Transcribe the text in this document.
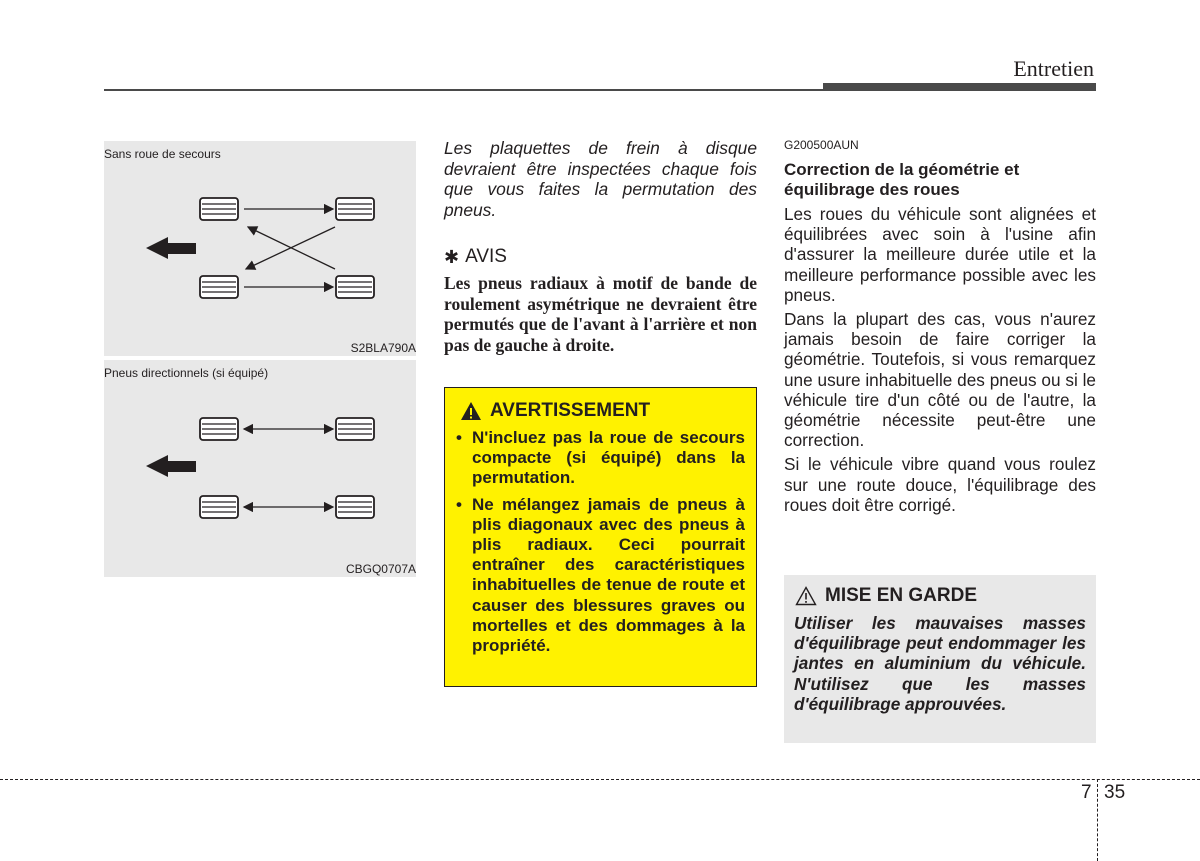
Entretien
Sans roue de secours
S2BLA790A
Pneus directionnels (si équipé)
CBGQ0707A

Les plaquettes de frein à disque devraient être inspectées chaque fois que vous faites la permutation des pneus.

✱ AVIS

Les pneus radiaux à motif de bande de roulement asymétrique ne devraient être permutés que de l'avant à l'arrière et non pas de gauche à droite.

AVERTISSEMENT
• N'incluez pas la roue de secours compacte (si équipé) dans la permutation.
• Ne mélangez jamais de pneus à plis diagonaux avec des pneus à plis radiaux. Ceci pourrait entraîner des caractéristiques inhabituelles de tenue de route et causer des blessures graves ou mortelles et des dommages à la propriété.

G200500AUN

Correction de la géométrie et équilibrage des roues

Les roues du véhicule sont alignées et équilibrées avec soin à l'usine afin d'assurer la meilleure durée utile et la meilleure performance possible avec les pneus.

Dans la plupart des cas, vous n'aurez jamais besoin de faire corriger la géométrie. Toutefois, si vous remarquez une usure inhabituelle des pneus ou si le véhicule tire d'un côté ou de l'autre, la géométrie nécessite peut-être une correction.

Si le véhicule vibre quand vous roulez sur une route douce, l'équilibrage des roues doit être corrigé.

MISE EN GARDE

Utiliser les mauvaises masses d'équilibrage peut endommager les jantes en aluminium du véhicule. N'utilisez que les masses d'équilibrage approuvées.

7 35
